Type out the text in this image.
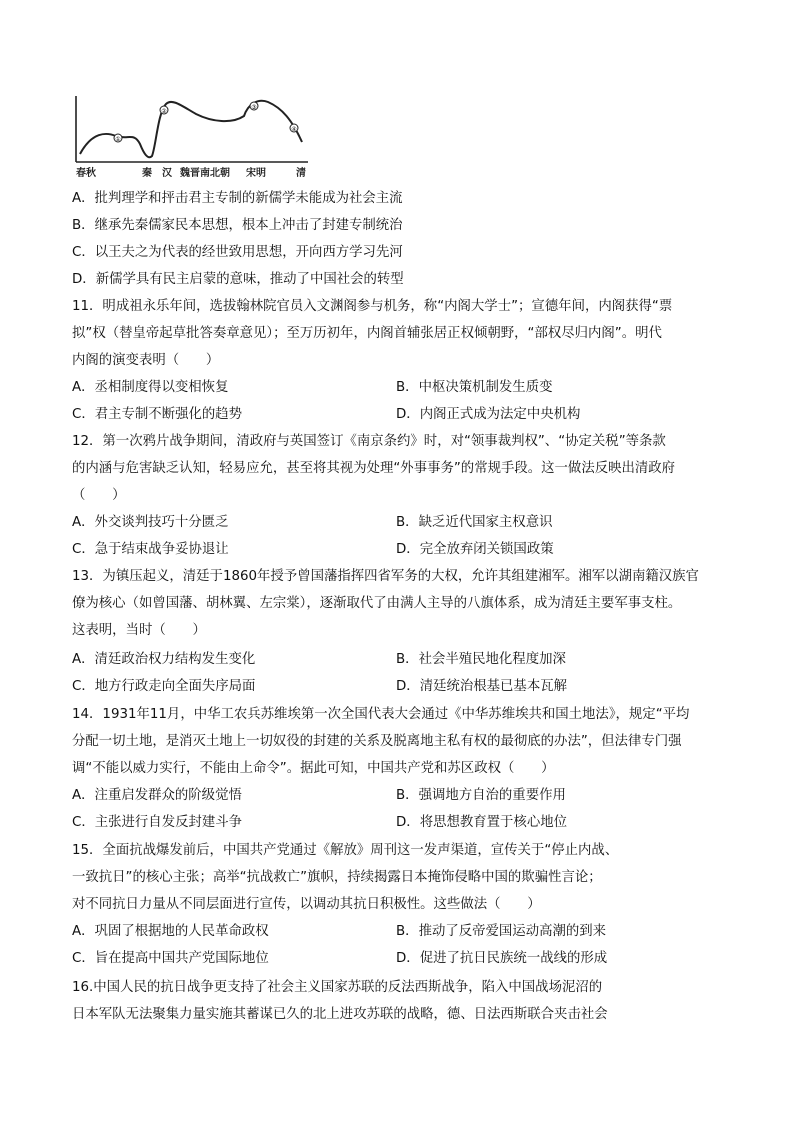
①
②
③
④
春秋	秦 汉 魏晋南北朝 宋明	清
A．批判理学和抨击君主专制的新儒学未能成为社会主流
B．继承先秦儒家民本思想，根本上冲击了封建专制统治
C．以王夫之为代表的经世致用思想，开向西方学习先河
D．新儒学具有民主启蒙的意味，推动了中国社会的转型
11．明成祖永乐年间，选拔翰林院官员入文渊阁参与机务，称“内阁大学士”；宣德年间，内阁获得“票
拟”权（替皇帝起草批答奏章意见）；至万历初年，内阁首辅张居正权倾朝野，“部权尽归内阁”。明代
内阁的演变表明（　　）
A．丞相制度得以变相恢复	B．中枢决策机制发生质变
C．君主专制不断强化的趋势	D．内阁正式成为法定中央机构
12．第一次鸦片战争期间，清政府与英国签订《南京条约》时，对“领事裁判权”、“协定关税”等条款
的内涵与危害缺乏认知，轻易应允，甚至将其视为处理“外事事务”的常规手段。这一做法反映出清政府
（　　）
A．外交谈判技巧十分匮乏	B．缺乏近代国家主权意识
C．急于结束战争妥协退让	D．完全放弃闭关锁国政策
13．为镇压起义，清廷于1860年授予曾国藩指挥四省军务的大权，允许其组建湘军。湘军以湖南籍汉族官
僚为核心（如曾国藩、胡林翼、左宗棠），逐渐取代了由满人主导的八旗体系，成为清廷主要军事支柱。
这表明，当时（　　）
A．清廷政治权力结构发生变化	B．社会半殖民地化程度加深
C．地方行政走向全面失序局面	D．清廷统治根基已基本瓦解
14．1931年11月，中华工农兵苏维埃第一次全国代表大会通过《中华苏维埃共和国土地法》，规定“平均
分配一切土地，是消灭土地上一切奴役的封建的关系及脱离地主私有权的最彻底的办法”，但法律专门强
调“不能以威力实行，不能由上命令”。据此可知，中国共产党和苏区政权（　　）
A．注重启发群众的阶级觉悟	B．强调地方自治的重要作用
C．主张进行自发反封建斗争	D．将思想教育置于核心地位
15．全面抗战爆发前后，中国共产党通过《解放》周刊这一发声渠道，宣传关于“停止内战、
一致抗日”的核心主张；高举“抗战救亡”旗帜，持续揭露日本掩饰侵略中国的欺骗性言论；
对不同抗日力量从不同层面进行宣传，以调动其抗日积极性。这些做法（　　）
A．巩固了根据地的人民革命政权	B．推动了反帝爱国运动高潮的到来
C．旨在提高中国共产党国际地位	D．促进了抗日民族统一战线的形成
16.中国人民的抗日战争更支持了社会主义国家苏联的反法西斯战争，陷入中国战场泥沼的
日本军队无法聚集力量实施其蓄谋已久的北上进攻苏联的战略，德、日法西斯联合夹击社会
